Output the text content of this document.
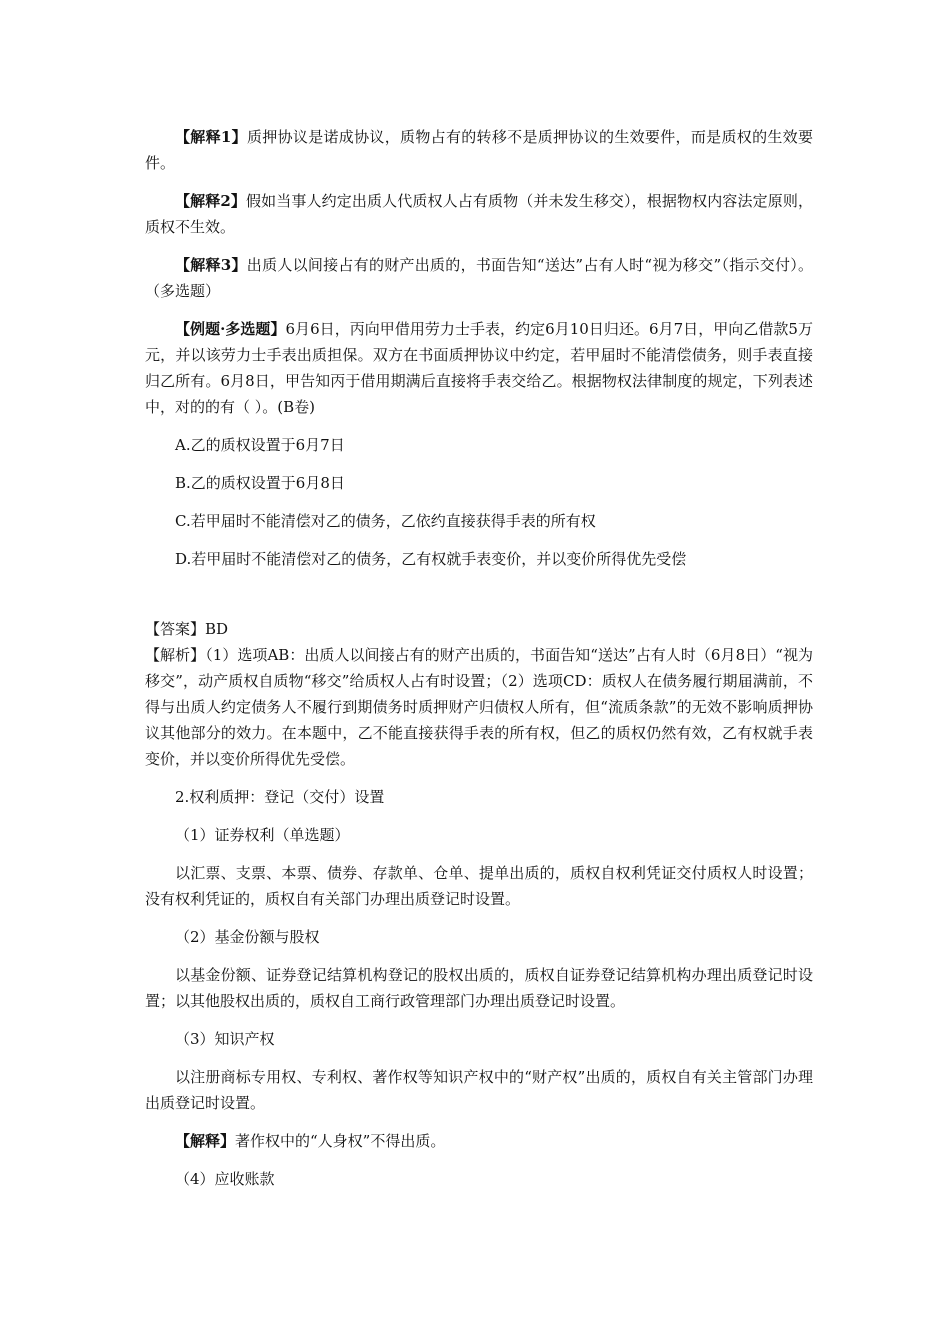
【解释1】质押协议是诺成协议，质物占有的转移不是质押协议的生效要件，而是质权的生效要件。

【解释2】假如当事人约定出质人代质权人占有质物（并未发生移交），根据物权内容法定原则，质权不生效。

【解释3】出质人以间接占有的财产出质的，书面告知“送达”占有人时“视为移交”（指示交付）。（多选题）

【例题·多选题】6月6日，丙向甲借用劳力士手表，约定6月10日归还。6月7日，甲向乙借款5万元，并以该劳力士手表出质担保。双方在书面质押协议中约定，若甲届时不能清偿债务，则手表直接归乙所有。6月8日，甲告知丙于借用期满后直接将手表交给乙。根据物权法律制度的规定，下列表述中，对的的有（ ）。(B卷)

A.乙的质权设置于6月7日

B.乙的质权设置于6月8日

C.若甲届时不能清偿对乙的债务，乙依约直接获得手表的所有权

D.若甲届时不能清偿对乙的债务，乙有权就手表变价，并以变价所得优先受偿

【答案】BD

【解析】（1）选项AB：出质人以间接占有的财产出质的，书面告知“送达”占有人时（6月8日）“视为移交”，动产质权自质物“移交”给质权人占有时设置；（2）选项CD：质权人在债务履行期届满前，不得与出质人约定债务人不履行到期债务时质押财产归债权人所有，但“流质条款”的无效不影响质押协议其他部分的效力。在本题中，乙不能直接获得手表的所有权，但乙的质权仍然有效，乙有权就手表变价，并以变价所得优先受偿。

2.权利质押：登记（交付）设置

（1）证券权利（单选题）

以汇票、支票、本票、债券、存款单、仓单、提单出质的，质权自权利凭证交付质权人时设置；没有权利凭证的，质权自有关部门办理出质登记时设置。

（2）基金份额与股权

以基金份额、证券登记结算机构登记的股权出质的，质权自证券登记结算机构办理出质登记时设置；以其他股权出质的，质权自工商行政管理部门办理出质登记时设置。

（3）知识产权

以注册商标专用权、专利权、著作权等知识产权中的“财产权”出质的，质权自有关主管部门办理出质登记时设置。

【解释】著作权中的“人身权”不得出质。

（4）应收账款
